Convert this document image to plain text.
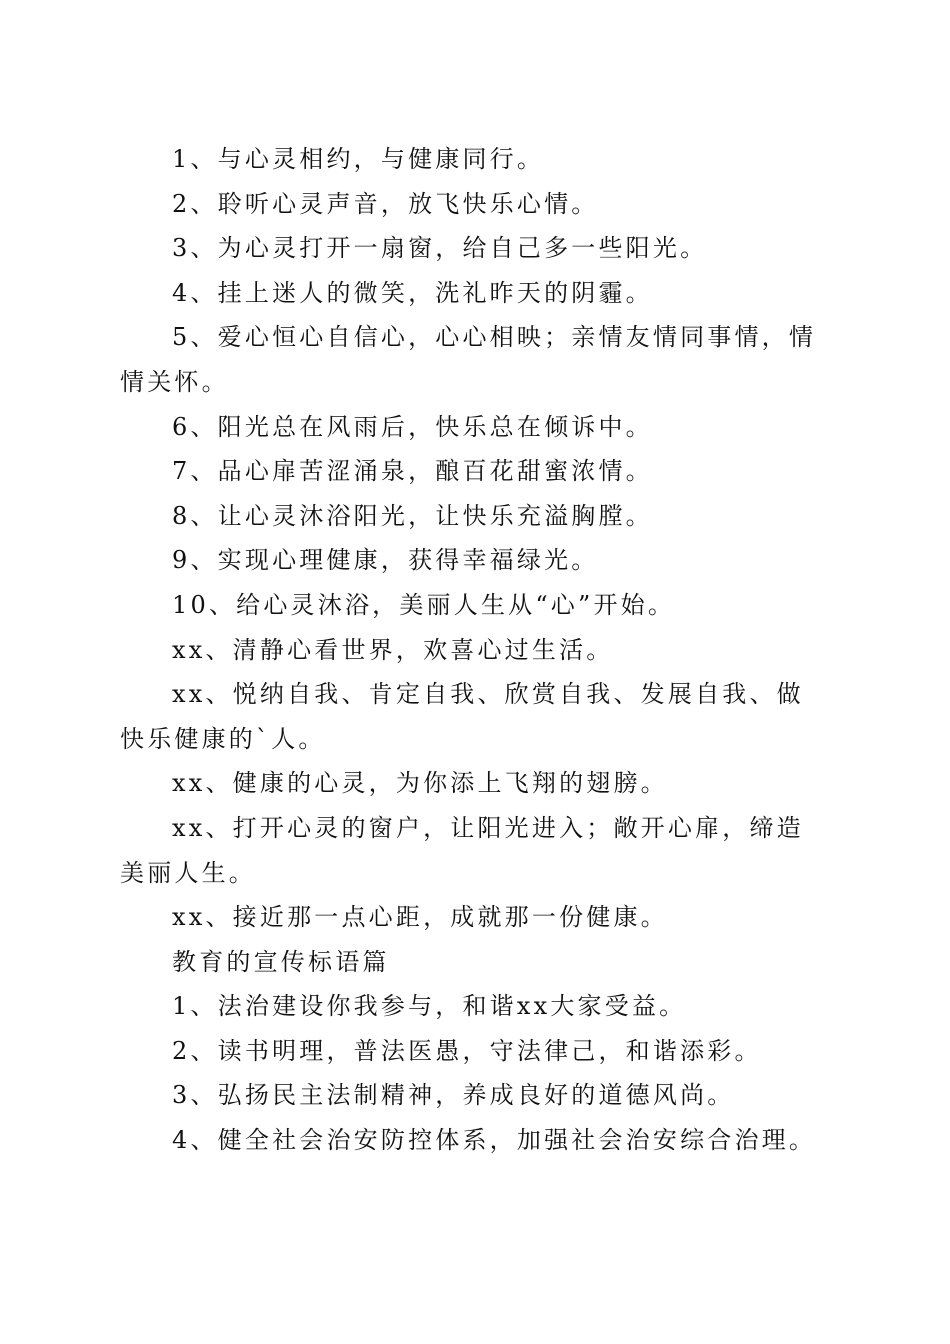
1、与心灵相约，与健康同行。

2、聆听心灵声音，放飞快乐心情。

3、为心灵打开一扇窗，给自己多一些阳光。

4、挂上迷人的微笑，洗礼昨天的阴霾。

5、爱心恒心自信心，心心相映；亲情友情同事情，情情关怀。

6、阳光总在风雨后，快乐总在倾诉中。

7、品心扉苦涩涌泉，酿百花甜蜜浓情。

8、让心灵沐浴阳光，让快乐充溢胸膛。

9、实现心理健康，获得幸福绿光。

10、给心灵沐浴，美丽人生从“心”开始。

xx、清静心看世界，欢喜心过生活。

xx、悦纳自我、肯定自我、欣赏自我、发展自我、做快乐健康的`人。

xx、健康的心灵，为你添上飞翔的翅膀。

xx、打开心灵的窗户，让阳光进入；敞开心扉，缔造美丽人生。

xx、接近那一点心距，成就那一份健康。

教育的宣传标语篇

1、法治建设你我参与，和谐xx大家受益。

2、读书明理，普法医愚，守法律己，和谐添彩。

3、弘扬民主法制精神，养成良好的道德风尚。

4、健全社会治安防控体系，加强社会治安综合治理。
